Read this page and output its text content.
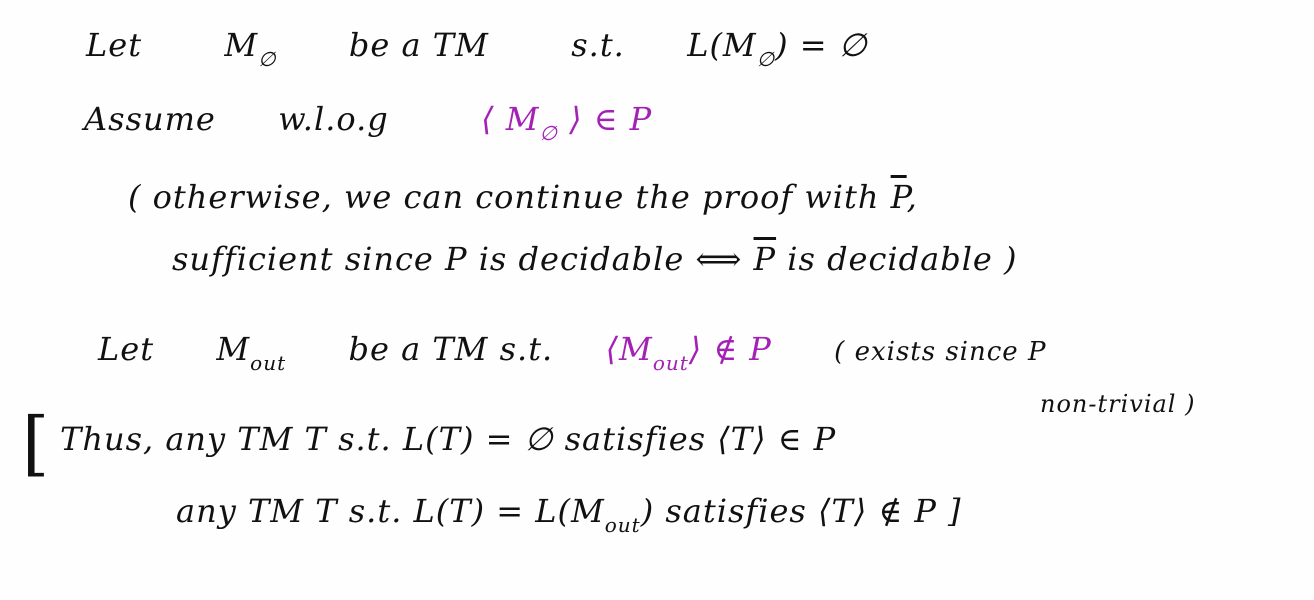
Let	$M_\emptyset$ be a TM	s.t. $L(M_\emptyset)$ = ∅
Assume w.l.o.g	⟨ $M_\emptyset$ ⟩ ∈ P
( otherwise, we can continue the proof with $\overline{P}$,
sufficient since P is decidable ⟺ $\overline{P}$ is decidable )
Let $M_{out}$ be a TM s.t. $⟨M_{out}⟩$ ∉ P ( exists since P
non-trivial )
[ Thus, any TM T s.t. L(T) = ∅ satisfies ⟨T⟩ ∈ P
any TM T s.t. $L(T) = L(M_{out})$ satisfies ⟨T⟩ ∉ P ]
